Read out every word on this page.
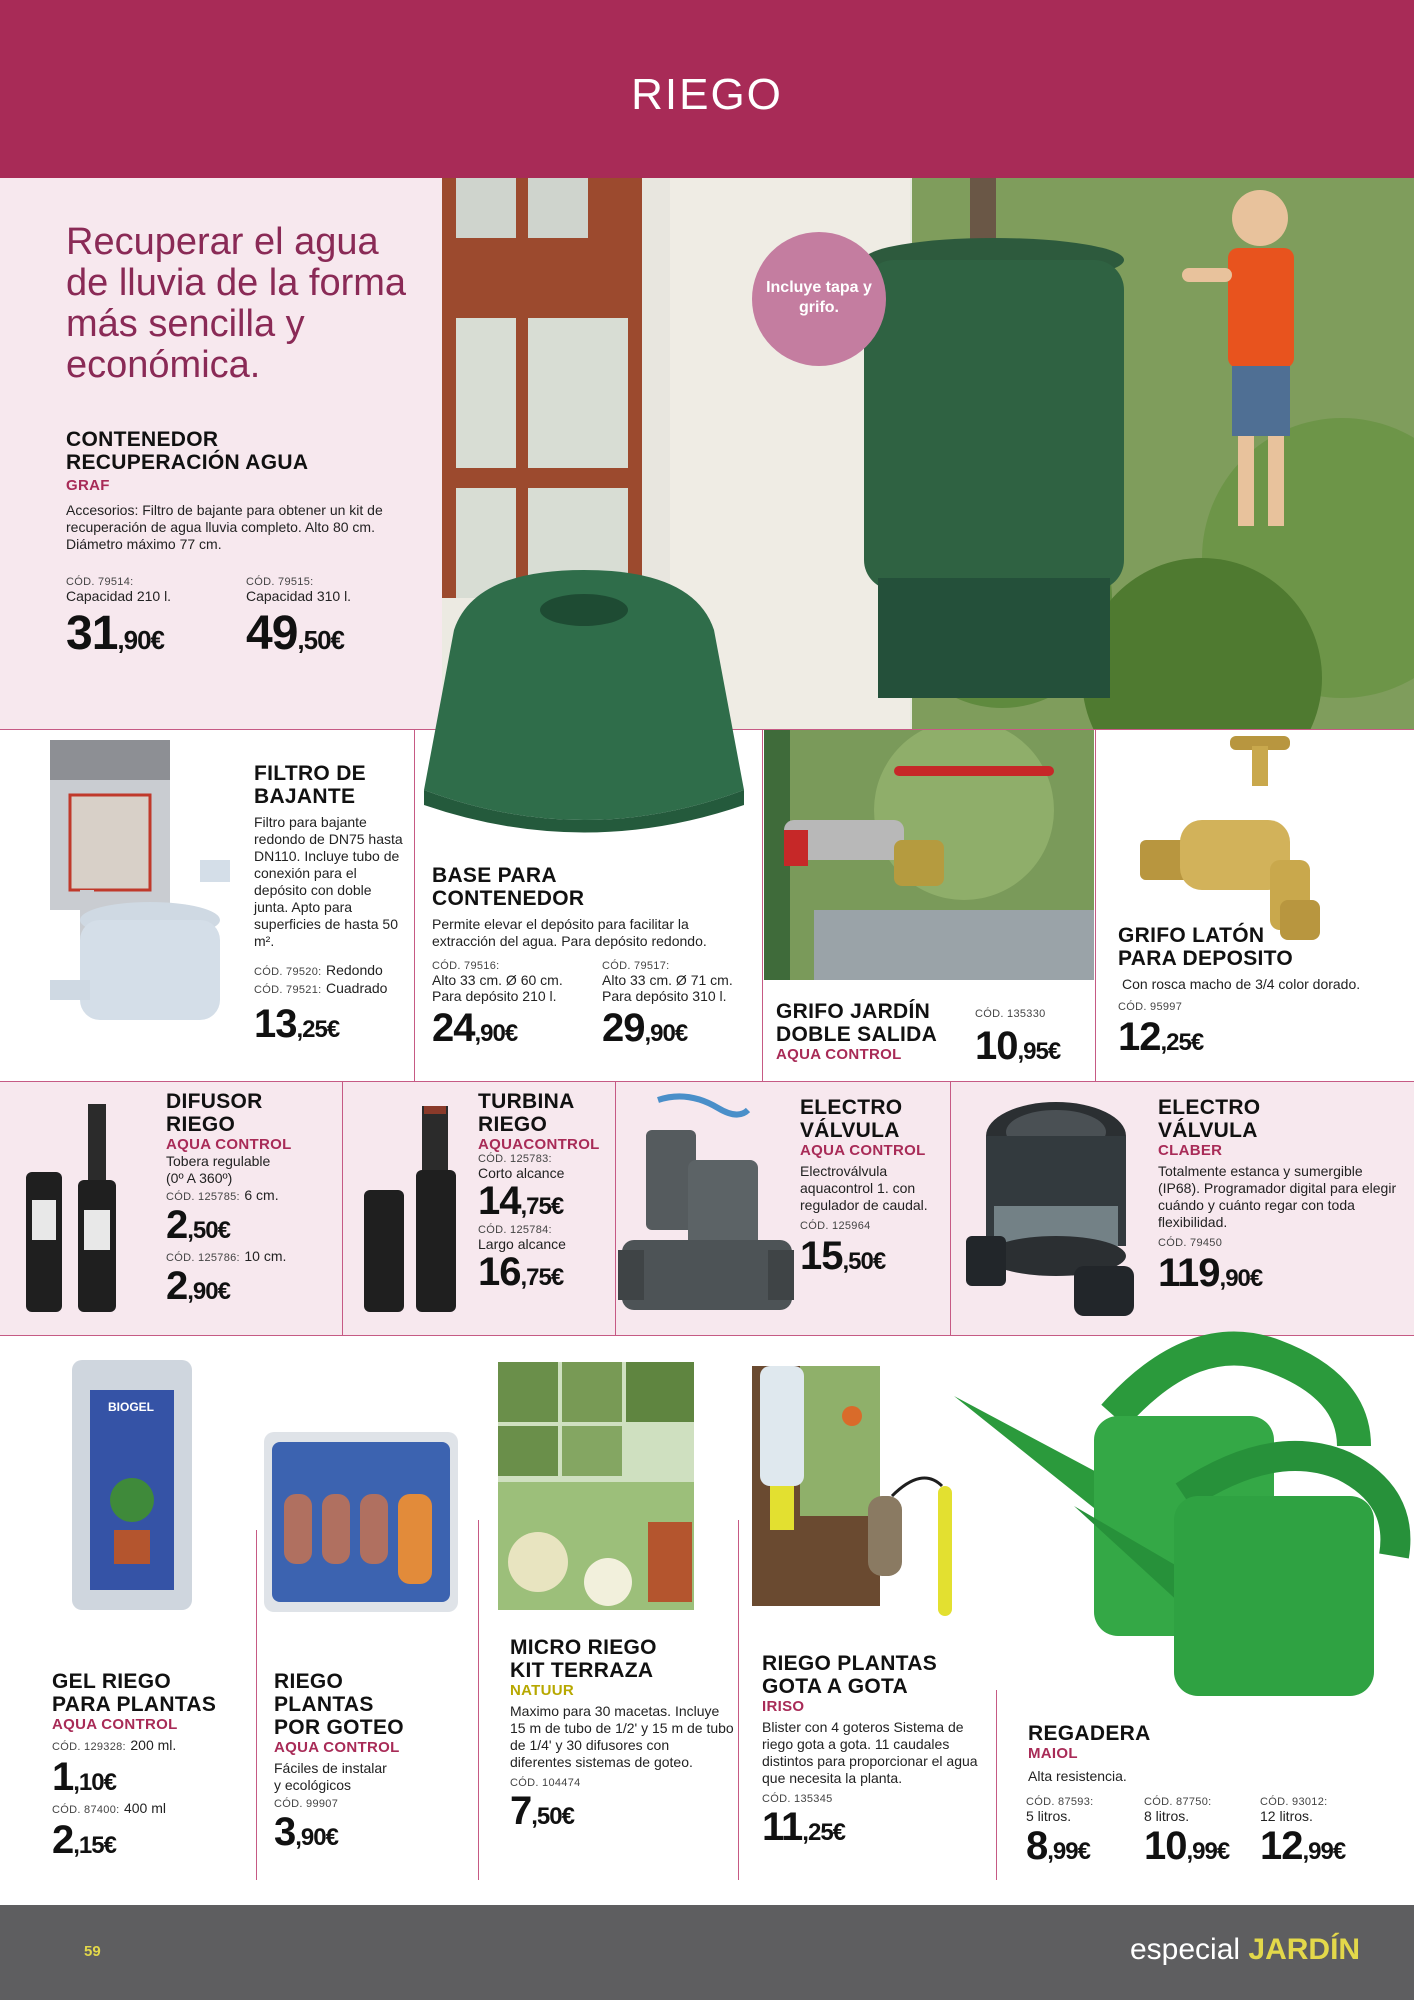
RIEGO
Recuperar el agua de lluvia de la forma más sencilla y económica.
Incluye tapa y grifo.
CONTENEDOR
RECUPERACIÓN AGUA
GRAF
Accesorios: Filtro de bajante para obtener un kit de recuperación de agua lluvia completo. Alto 80 cm. Diámetro máximo 77 cm.
CÓD. 79514:
Capacidad 210 l.
31,90€
CÓD. 79515:
Capacidad 310 l.
49,50€
FILTRO DE
BAJANTE
Filtro para bajante redondo de DN75 hasta DN110. Incluye tubo de conexión para el depósito con doble junta. Apto para superficies de hasta 50 m².
CÓD. 79520: Redondo
CÓD. 79521: Cuadrado
13,25€
BASE PARA
CONTENEDOR
Permite elevar el depósito para facilitar la extracción del agua. Para depósito redondo.
CÓD. 79516:
Alto 33 cm. Ø 60 cm.
Para depósito 210 l.
24,90€
CÓD. 79517:
Alto 33 cm. Ø 71 cm.
Para depósito 310 l.
29,90€
GRIFO JARDÍN
DOBLE SALIDA
AQUA CONTROL
CÓD. 135330
10,95€
GRIFO LATÓN
PARA DEPOSITO
Con rosca macho de 3/4 color dorado.
CÓD. 95997
12,25€
DIFUSOR
RIEGO
AQUA CONTROL
Tobera regulable
(0º A 360º)
CÓD. 125785: 6 cm.
2,50€
CÓD. 125786: 10 cm.
2,90€
TURBINA
RIEGO
AQUACONTROL
CÓD. 125783:
Corto alcance
14,75€
CÓD. 125784:
Largo alcance
16,75€
ELECTRO
VÁLVULA
AQUA CONTROL
Electroválvula aquacontrol 1. con regulador de caudal.
CÓD. 125964
15,50€
ELECTRO
VÁLVULA
CLABER
Totalmente estanca y sumergible (IP68). Programador digital para elegir cuándo y cuánto regar con toda flexibilidad.
CÓD. 79450
119,90€
BIOGEL
GEL RIEGO
PARA PLANTAS
AQUA CONTROL
CÓD. 129328: 200 ml.
1,10€
CÓD. 87400: 400 ml
2,15€
RIEGO
PLANTAS
POR GOTEO
AQUA CONTROL
Fáciles de instalar
y ecológicos
CÓD. 99907
3,90€
MICRO RIEGO
KIT TERRAZA
NATUUR
Maximo para 30 macetas. Incluye 15 m de tubo de 1/2' y 15 m de tubo de 1/4' y 30 difusores con diferentes sistemas de goteo.
CÓD. 104474
7,50€
RIEGO PLANTAS
GOTA A GOTA
IRISO
Blister con 4 goteros Sistema de riego gota a gota. 11 caudales distintos para proporcionar el agua que necesita la planta.
CÓD. 135345
11,25€
REGADERA
MAIOL
Alta resistencia.
CÓD. 87593:
5 litros.
8,99€
CÓD. 87750:
8 litros.
10,99€
CÓD. 93012:
12 litros.
12,99€
59	especial JARDÍN
